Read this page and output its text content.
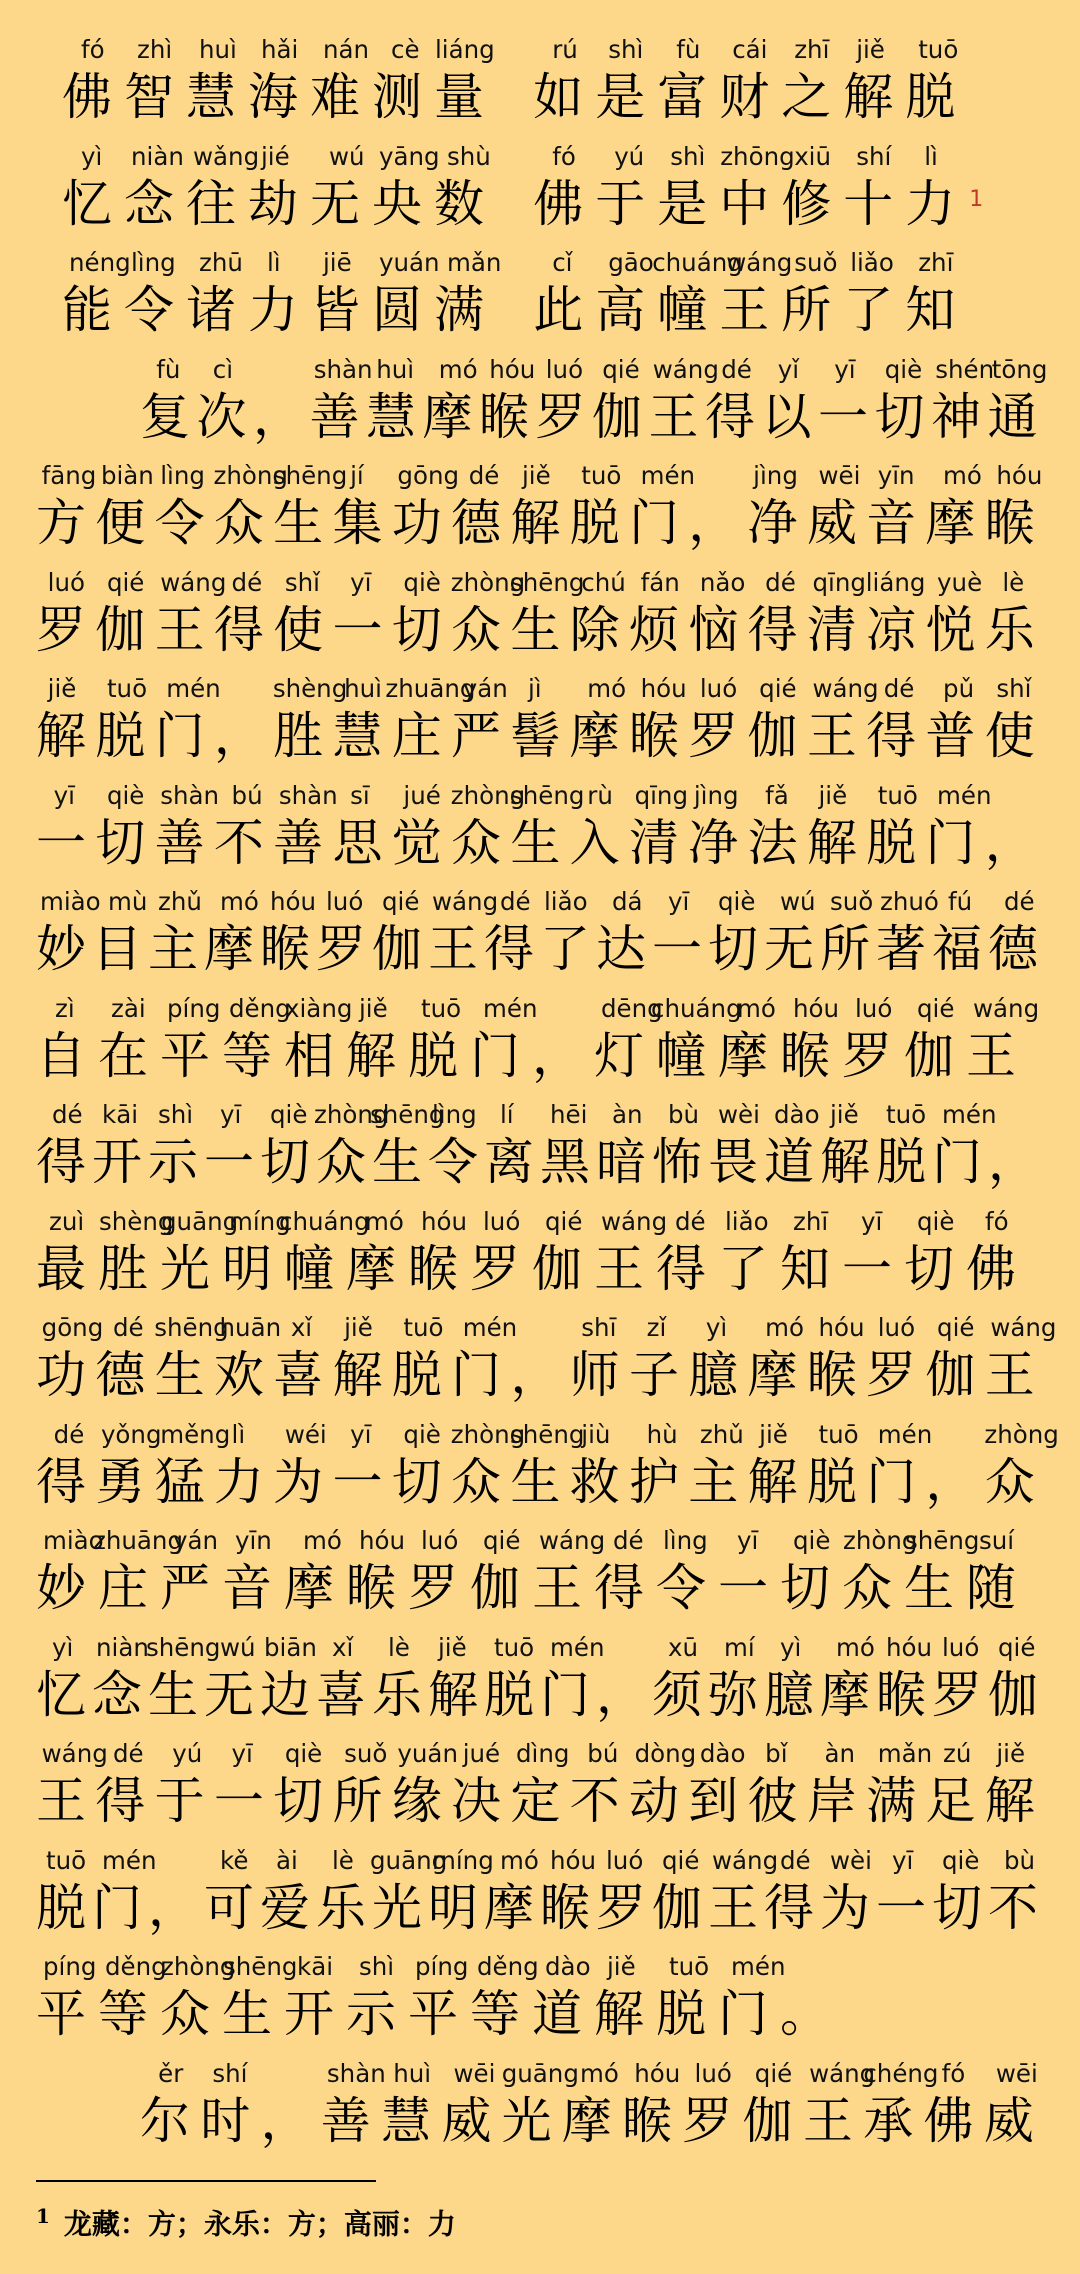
fó zhì huì hǎi nán cè liáng rú shì fù cái zhī jiě tuō
佛 智 慧 海 难 测 量 如 是 富 财 之 解 脱
yì niàn wǎng jié wú yāng shù	fó yú shì zhōng xiū shí lì
忆 念 往 劫 无 央 数 佛 于 是 中 修 十 力 1
néng lìng zhū lì jiē yuán mǎn cǐ gāo
chuáng
wáng suǒ liǎo zhī
能 令 诸 力 皆 圆 满 此 高 幢 王 所 了 知
fù cì	shàn huì mó hóu luó qié wáng dé yǐ yī qiè shén
tōng
复 次 ， 善 慧 摩 睺 罗 伽 王 得 以 一 切 神 通
fāng biàn lìng zhòng
shēng jí gōng dé jiě tuō mén jìng wēi yīn mó hóu
方 便 令 众 生 集 功 德 解 脱 门 ， 净 威 音 摩 睺
luó qié wáng dé shǐ yī qiè zhòng
shēng
chú fán nǎo dé qīng liáng yuè lè
罗 伽 王 得 使 一 切 众 生 除 烦 恼 得 清 凉 悦 乐
jiě tuō mén shèng
huì zhuāng
yán jì mó hóu luó qié wáng dé pǔ shǐ
解 脱 门 ， 胜 慧 庄 严 髻 摩 睺 罗 伽 王 得 普 使
yī qiè shàn bú shàn sī jué zhòng
shēng rù qīng jìng fǎ jiě tuō mén
一 切 善 不 善 思 觉 众 生 入 清 净 法 解 脱 门 ，
miào mù zhǔ mó hóu luó qié wáng dé liǎo dá yī qiè wú suǒ zhuó fú dé
妙 目 主 摩 睺 罗 伽 王 得 了 达 一 切 无 所 著 福 德
zì zài píng děng
xiàng jiě tuō mén	dēng
chuáng
mó hóu luó qié wáng
自 在 平 等 相 解 脱 门 ， 灯 幢 摩 睺 罗 伽 王
dé kāi shì yī qiè zhòng
shēng
lìng lí hēi àn bù wèi dào jiě tuō mén
得 开 示 一 切 众 生 令 离 黑 暗 怖 畏 道 解 脱 门 ，
zuì shèng
guāng
míng
chuáng
mó hóu luó qié wáng dé liǎo zhī yī qiè fó
最 胜 光 明 幢 摩 睺 罗 伽 王 得 了 知 一 切 佛
gōng dé shēng
huān xǐ jiě tuō mén	shī zǐ yì mó hóu luó qié wáng
功 德 生 欢 喜 解 脱 门 ， 师 子 臆 摩 睺 罗 伽 王
dé yǒng
měng lì wéi yī qiè zhòng
shēng
jiù hù zhǔ jiě tuō mén zhòng
得 勇 猛 力 为 一 切 众 生 救 护 主 解 脱 门 ， 众
miào
zhuāng
yán yīn mó hóu luó qié wáng dé lìng yī qiè zhòng
shēng suí
妙 庄 严 音 摩 睺 罗 伽 王 得 令 一 切 众 生 随
yì niàn
shēng wú biān xǐ lè jiě tuō mén	xū mí yì mó hóu luó qié
忆 念 生 无 边 喜 乐 解 脱 门 ， 须 弥 臆 摩 睺 罗 伽
wáng dé yú yī qiè suǒ yuán jué dìng bú dòng dào bǐ àn mǎn zú jiě
王 得 于 一 切 所 缘 决 定 不 动 到 彼 岸 满 足 解
tuō mén	kě ài lè guāng
míng mó hóu luó qié wáng dé wèi yī qiè bù
脱 门 ， 可 爱 乐 光 明 摩 睺 罗 伽 王 得 为 一 切 不
píng děng
zhòng
shēng kāi shì píng děng dào jiě tuō mén
平 等 众 生 开 示 平 等 道 解 脱 门 。
ěr shí	shàn huì wēi guāng mó hóu luó qié wáng
chéng fó wēi
尔 时 ， 善 慧 威 光 摩 睺 罗 伽 王 承 佛 威
$^1$ 龙藏：方；永乐：方；高丽：力
